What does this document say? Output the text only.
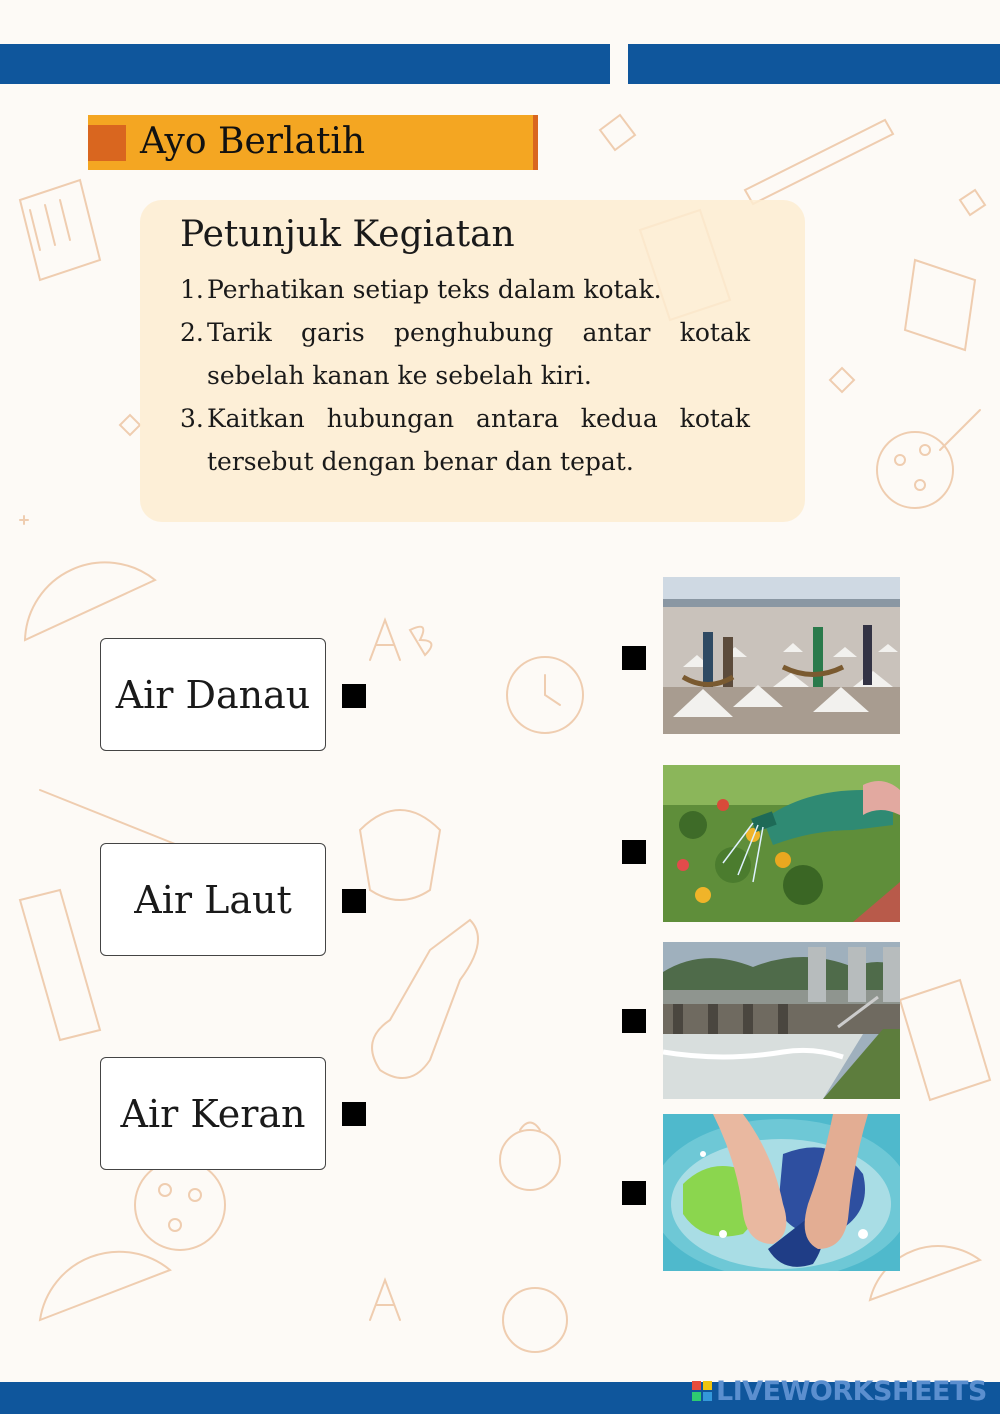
Ayo Berlatih
Petunjuk Kegiatan
1. Perhatikan setiap teks dalam kotak.
2. Tarik garis penghubung antar kotak sebelah kanan ke sebelah kiri.
3. Kaitkan hubungan antara kedua kotak tersebut dengan benar dan tepat.
Air Danau
Air Laut
Air Keran
LIVEWORKSHEETS
